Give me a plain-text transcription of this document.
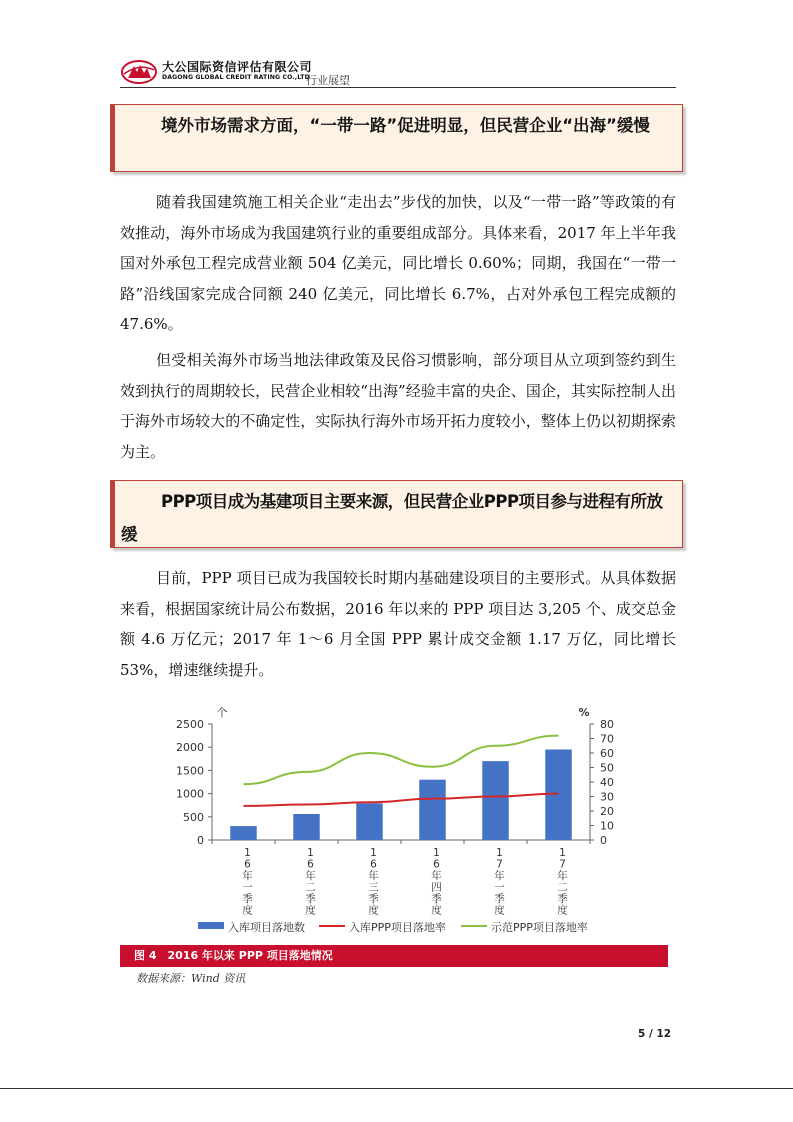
大公国际资信评估有限公司
DAGONG GLOBAL CREDIT RATING CO.,LTD
行业展望
境外市场需求方面，“一带一路”促进明显，但民营企业“出海”缓慢

随着我国建筑施工相关企业“走出去”步伐的加快，以及“一带一路”等政策的有效推动，海外市场成为我国建筑行业的重要组成部分。具体来看，2017 年上半年我国对外承包工程完成营业额 504 亿美元，同比增长 0.60%；同期，我国在“一带一路”沿线国家完成合同额 240 亿美元，同比增长 6.7%，占对外承包工程完成额的 47.6%。

但受相关海外市场当地法律政策及民俗习惯影响，部分项目从立项到签约到生效到执行的周期较长，民营企业相较“出海”经验丰富的央企、国企，其实际控制人出于海外市场较大的不确定性，实际执行海外市场开拓力度较小，整体上仍以初期探索为主。

PPP项目成为基建项目主要来源，但民营企业PPP项目参与进程有所放缓

目前，PPP 项目已成为我国较长时期内基础建设项目的主要形式。从具体数据来看，根据国家统计局公布数据，2016 年以来的 PPP 项目达 3,205 个、成交总金额 4.6 万亿元；2017 年 1～6 月全国 PPP 累计成交金额 1.17 万亿，同比增长 53%，增速继续提升。

2500
2000
1500
1000
500
0
个
80
70
60
50
40
30
20
10
0
%
1 6 年一季度
1 6 年二季度
1 6 年三季度
1 6 年四季度
1 7 年一季度
1 7 年二季度
入库项目落地数	入库PPP项目落地率	示范PPP项目落地率
图 4　2016 年以来 PPP 项目落地情况
数据来源：Wind 资讯
5 / 12
